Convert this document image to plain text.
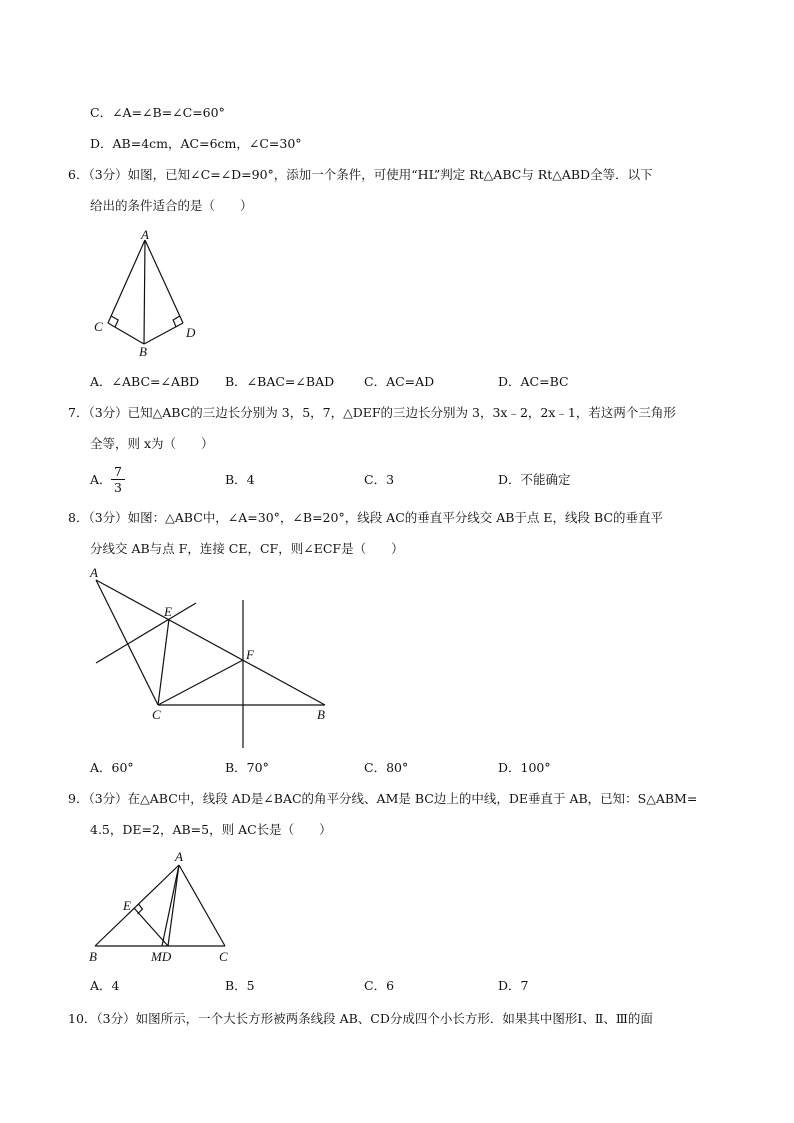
C．∠A=∠B=∠C=60°
D．AB=4cm，AC=6cm，∠C=30°
6．（3分）如图，已知∠C=∠D=90°，添加一个条件，可使用“HL”判定 Rt△ABC与 Rt△ABD全等．以下
给出的条件适合的是（　　）
A
C	D
B
A．∠ABC=∠ABD B．∠BAC=∠BAD C．AC=AD	D．AC=BC
7．（3分）已知△ABC的三边长分别为 3，5，7，△DEF的三边长分别为 3，3x﹣2，2x﹣1，若这两个三角形
全等，则 x为（　　）
A． $\frac{7}{3}$	B．4	C．3	D．不能确定
8．（3分）如图：△ABC中，∠A=30°，∠B=20°，线段 AC的垂直平分线交 AB于点 E，线段 BC的垂直平
分线交 AB与点 F，连接 CE，CF，则∠ECF是（　　）
A
E
F
C	B
A．60°	B．70°	C．80°	D．100°
9．（3分）在△ABC中，线段 AD是∠BAC的角平分线、AM是 BC边上的中线，DE垂直于 AB，已知：S△ABM=
4.5，DE=2，AB=5，则 AC长是（　　）
A
E
B	MD	C
A．4	B．5	C．6	D．7
10．（3分）如图所示，一个大长方形被两条线段 AB、CD分成四个小长方形．如果其中图形Ⅰ、Ⅱ、Ⅲ的面
